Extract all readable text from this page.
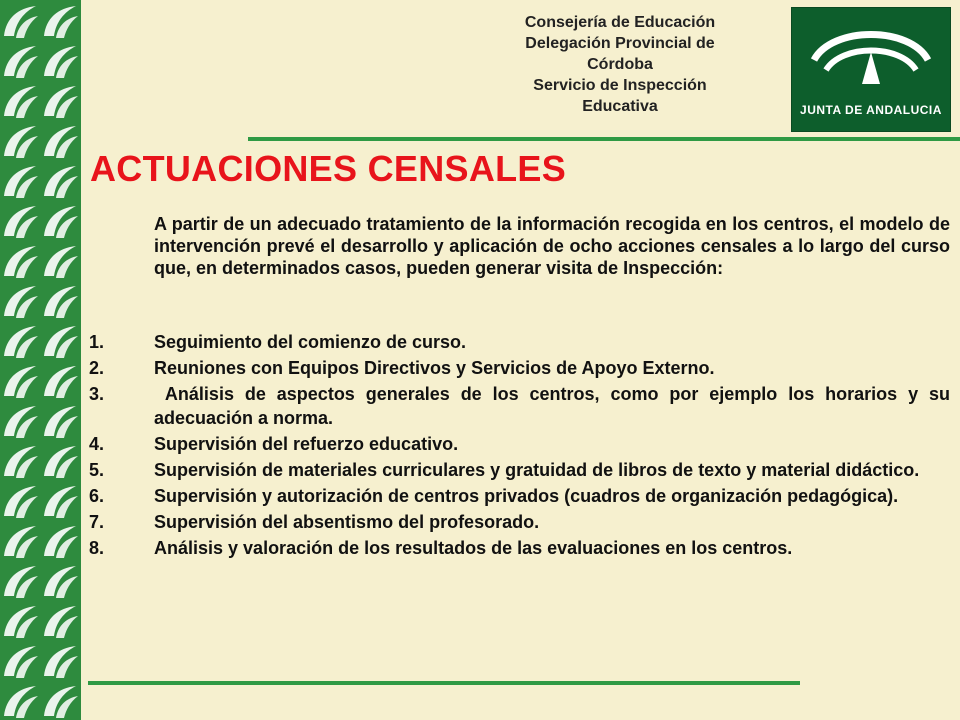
Consejería de Educación
Delegación Provincial de
Córdoba
Servicio de Inspección
Educativa	JUNTA DE ANDALUCIA
ACTUACIONES CENSALES
A partir de un adecuado tratamiento de la información recogida en los centros, el modelo de intervención prevé el desarrollo y aplicación de ocho acciones censales a lo largo del curso que, en determinados casos, pueden generar visita de Inspección:
1.	Seguimiento del comienzo de curso.
2.	Reuniones con Equipos Directivos y Servicios de Apoyo Externo.
3.	Análisis de aspectos generales de los centros, como por ejemplo los horarios y su adecuación a norma.
4.	Supervisión del refuerzo educativo.
5.	Supervisión de materiales curriculares y gratuidad de libros de texto y material didáctico.
6.	Supervisión y autorización de centros privados (cuadros de organización pedagógica).
7.	Supervisión del absentismo del profesorado.
8.	Análisis y valoración de los resultados de las evaluaciones en los centros.
